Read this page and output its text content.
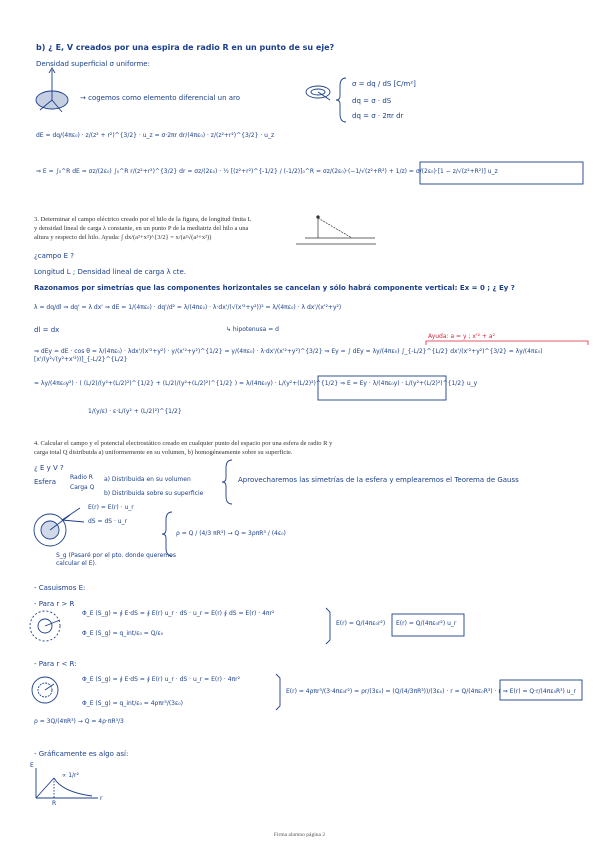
b) ¿ E, V creados por una espira de radio R en un punto de su eje?
Densidad superficial σ uniforme:
→ cogemos como elemento diferencial un aro
σ = dq / dS [C/m²]
dq = σ · dS
dq = σ · 2πr dr
dE = dq/(4πε₀) · z/(z² + r²)^{3/2} · u_z = σ·2πr dr/(4πε₀) · z/(z²+r²)^{3/2} · u_z
⇒ E = ∫₀^R dE = σz/(2ε₀) ∫₀^R r/(z²+r²)^{3/2} dr = σz/(2ε₀) · ½ [(z²+r²)^{-1/2} / (-1/2)]₀^R = σz/(2ε₀)·(−1/√(z²+R²) + 1/z) = σ/(2ε₀)·[1 − z/√(z²+R²)] u_z
3. Determinar el campo eléctrico creado por el hilo de la figura, de longitud finita L
y densidad lineal de carga λ constante, en un punto P de la mediatriz del hilo a una
altura y respecto del hilo. Ayuda: ∫ dx/(a²+x²)^{3/2} = x/(a²√(a²+x²))
¿campo E ?
Longitud L ; Densidad lineal de carga λ cte.
Razonamos por simetrías que las componentes horizontales se cancelan y sólo habrá componente vertical: Ex = 0 ; ¿ Ey ?
λ = dq/dl ⇒ dq' = λ dx' ⇒ dE = 1/(4πε₀) · dq'/d² = λ/(4πε₀) · λ·dx'/(√(x'²+y²))² = λ/(4πε₀) · λ dx'/(x'²+y²)
dl = dx	↳ hipotenusa = d
Ayuda: a = y ; x'² + a²
⇒ dEy = dE · cos θ = λ/(4πε₀) · λdx'/(x'²+y²) · y/(x'²+y²)^{1/2} = y/(4πε₀) · λ·dx'/(x'²+y²)^{3/2} ⇒ Ey = ∫ dEy = λy/(4πε₀) ∫_{-L/2}^{L/2} dx'/(x'²+y²)^{3/2} = λy/(4πε₀) [x'/(y²√(y²+x'²))]_{-L/2}^{L/2}
= λy/(4πε₀y²) · ( (L/2)/(y²+(L/2)²)^{1/2} + (L/2)/(y²+(L/2)²)^{1/2} ) = λ/(4πε₀y) · L/(y²+(L/2)²)^{1/2} ⇒ E = Ey · λ/(4πε₀y) · L/(y²+(L/2)²)^{1/2} u_y
1/(y/ε) · ε·L/(y² + (L/2)²)^{1/2}
4. Calcular el campo y el potencial electrostático creado en cualquier punto del espacio por una esfera de radio R y
carga total Q distribuida a) uniformemente en su volumen, b) homogéneamente sobre su superficie.
¿ E y V ?
Esfera
Radio R
Carga Q
a) Distribuida en su volumen
b) Distribuida sobre su superficie
Aprovecharemos las simetrías de la esfera y emplearemos el Teorema de Gauss
E(r) = E(r) · u_r
dS = dS · u_r
S_g (Pasaré por el pto. donde queremos calcular el E).
ρ = Q / (4/3 πR³) → Q = 3ρπR³ / (4ε₀)
- Casuismos E:
- Para r > R
Φ_E (S_g) = ∮ E·dS = ∮ E(r) u_r · dS · u_r = E(r) ∮ dS = E(r) · 4πr²
Φ_E (S_g) = q_int/ε₀ = Q/ε₀
E(r) = Q/(4πε₀r²) E(r) = Q/(4πε₀r²) u_r
- Para r < R:
Φ_E (S_g) = ∮ E·dS = ∮ E(r) u_r · dS · u_r = E(r) · 4πr²
Φ_E (S_g) = q_int/ε₀ = 4ρπr³/(3ε₀)
E(r) = 4ρπr³/(3·4πε₀r²) = ρr/(3ε₀) = (Q/(4/3πR³))/(3ε₀) · r = Q/(4πε₀R³) · r ⇒ E(r) = Q·r/(4πε₀R³) u_r
ρ = 3Q/(4πR³) → Q = 4ρ·πR³/3
- Gráficamente es algo así:
E
∝ 1/r²
R
r
Firma alumno página 2
